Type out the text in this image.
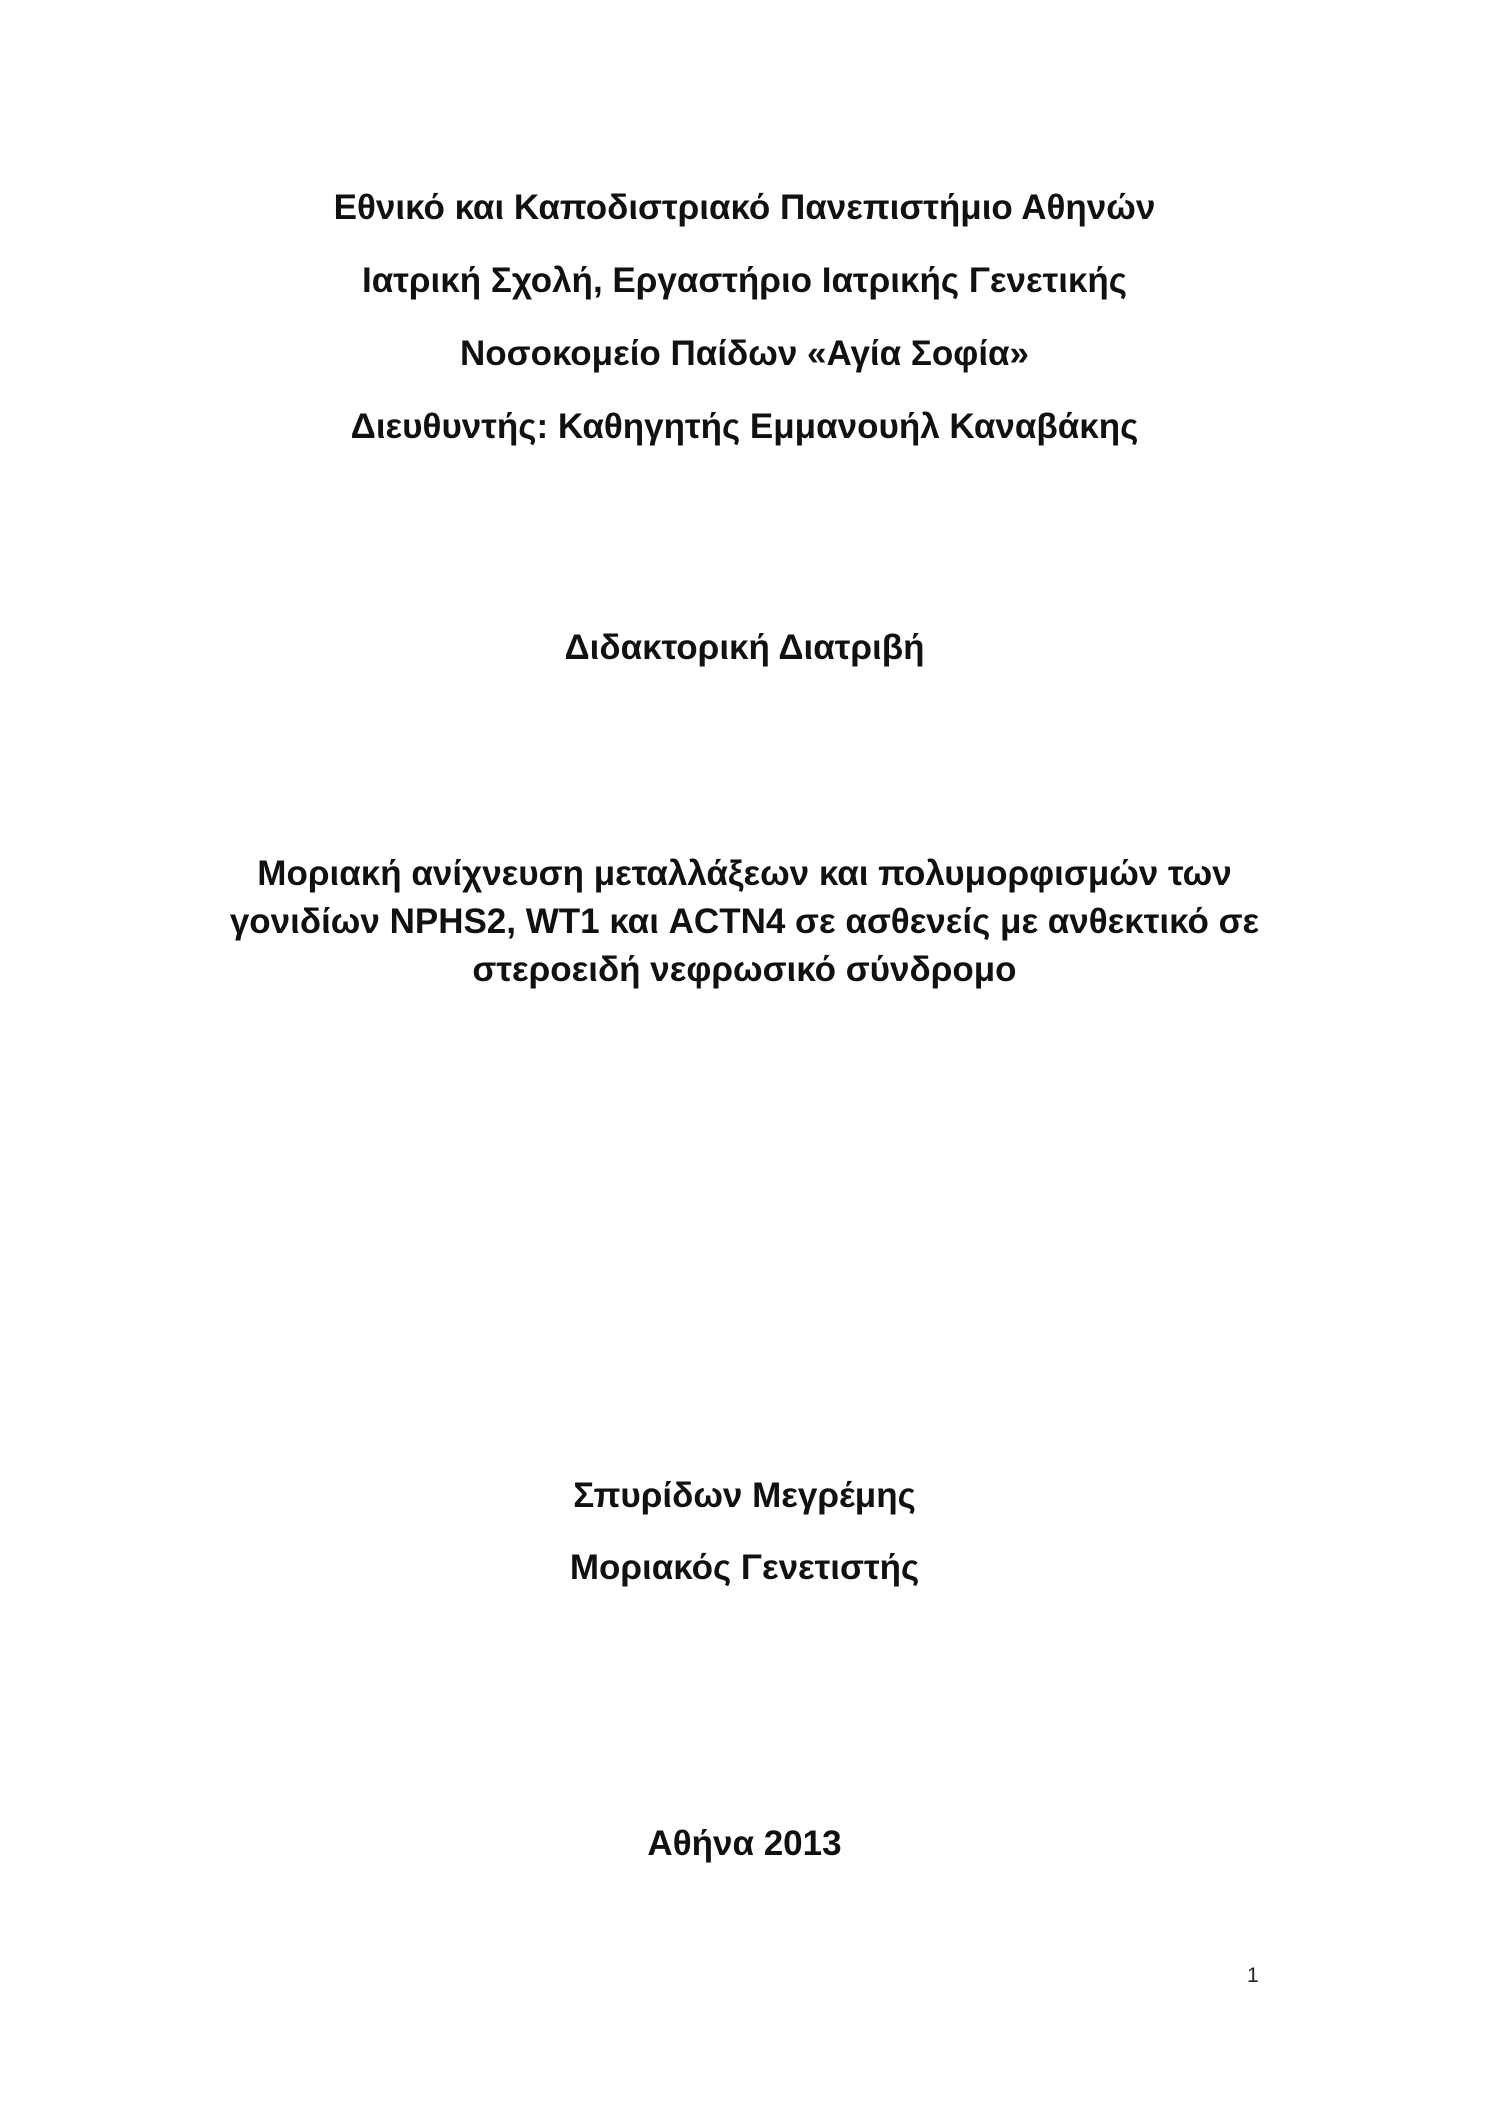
Εθνικό και Καποδιστριακό Πανεπιστήμιο Αθηνών
Ιατρική Σχολή, Εργαστήριο Ιατρικής Γενετικής
Νοσοκομείο Παίδων «Αγία Σοφία»
Διευθυντής: Καθηγητής Εμμανουήλ Καναβάκης
Διδακτορική Διατριβή
Μοριακή ανίχνευση μεταλλάξεων και πολυμορφισμών των
γονιδίων NPHS2, WT1 και ACTN4 σε ασθενείς με ανθεκτικό σε
στεροειδή νεφρωσικό σύνδρομο
Σπυρίδων Μεγρέμης
Μοριακός Γενετιστής
Αθήνα 2013
1
